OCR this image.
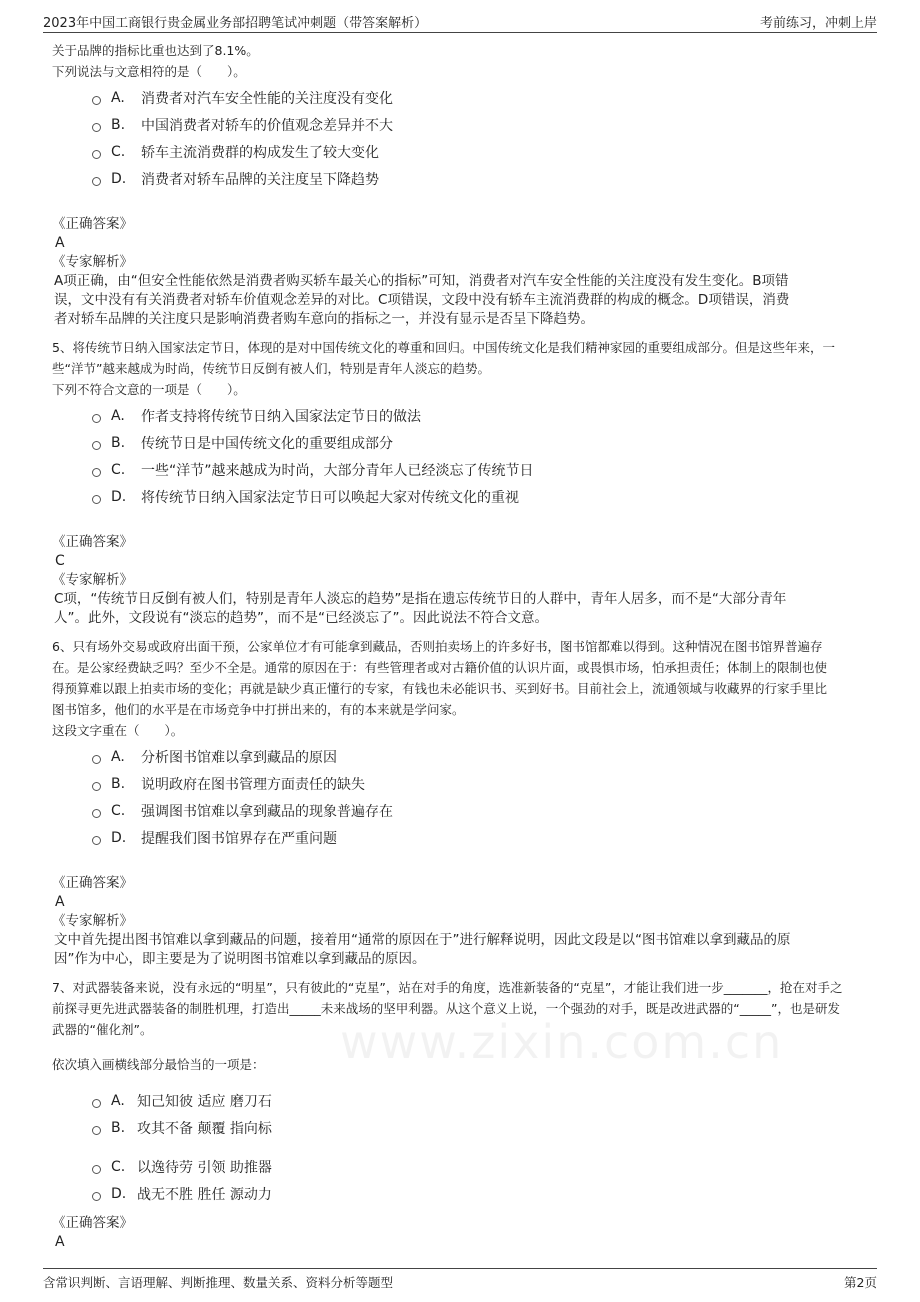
2023年中国工商银行贵金属业务部招聘笔试冲刺题（带答案解析）	考前练习，冲刺上岸
www.zixin.com.cn
关于品牌的指标比重也达到了8.1%。
下列说法与文意相符的是（　　）。
A.	消费者对汽车安全性能的关注度没有变化
B.	中国消费者对轿车的价值观念差异并不大
C.	轿车主流消费群的构成发生了较大变化
D.	消费者对轿车品牌的关注度呈下降趋势
《正确答案》
A
《专家解析》
A项正确，由“但安全性能依然是消费者购买轿车最关心的指标”可知，消费者对汽车安全性能的关注度没有发生变化。B项错
误，文中没有有关消费者对轿车价值观念差异的对比。C项错误，文段中没有轿车主流消费群的构成的概念。D项错误，消费
者对轿车品牌的关注度只是影响消费者购车意向的指标之一，并没有显示是否呈下降趋势。
5、将传统节日纳入国家法定节日，体现的是对中国传统文化的尊重和回归。中国传统文化是我们精神家园的重要组成部分。但是这些年来，一
些“洋节”越来越成为时尚，传统节日反倒有被人们，特别是青年人淡忘的趋势。
下列不符合文意的一项是（　　）。
A.	作者支持将传统节日纳入国家法定节日的做法
B.	传统节日是中国传统文化的重要组成部分
C.	一些“洋节”越来越成为时尚，大部分青年人已经淡忘了传统节日
D.	将传统节日纳入国家法定节日可以唤起大家对传统文化的重视
《正确答案》
C
《专家解析》
C项，“传统节日反倒有被人们，特别是青年人淡忘的趋势”是指在遗忘传统节日的人群中，青年人居多，而不是“大部分青年
人”。此外，文段说有“淡忘的趋势”，而不是“已经淡忘了”。因此说法不符合文意。
6、只有场外交易或政府出面干预，公家单位才有可能拿到藏品，否则拍卖场上的许多好书，图书馆都难以得到。这种情况在图书馆界普遍存
在。是公家经费缺乏吗？至少不全是。通常的原因在于：有些管理者或对古籍价值的认识片面，或畏惧市场，怕承担责任；体制上的限制也使
得预算难以跟上拍卖市场的变化；再就是缺少真正懂行的专家，有钱也未必能识书、买到好书。目前社会上，流通领域与收藏界的行家手里比
图书馆多，他们的水平是在市场竞争中打拼出来的，有的本来就是学问家。
这段文字重在（　　）。
A.	分析图书馆难以拿到藏品的原因
B.	说明政府在图书管理方面责任的缺失
C.	强调图书馆难以拿到藏品的现象普遍存在
D.	提醒我们图书馆界存在严重问题
《正确答案》
A
《专家解析》
文中首先提出图书馆难以拿到藏品的问题，接着用“通常的原因在于”进行解释说明，因此文段是以“图书馆难以拿到藏品的原
因”作为中心，即主要是为了说明图书馆难以拿到藏品的原因。
7、对武器装备来说，没有永远的“明星”，只有彼此的“克星”，站在对手的角度，选准新装备的“克星”，才能让我们进一步_______，抢在对手之
前探寻更先进武器装备的制胜机理，打造出_____未来战场的坚甲利器。从这个意义上说，一个强劲的对手，既是改进武器的“_____”，也是研发
武器的“催化剂”。
依次填入画横线部分最恰当的一项是：
A. 知己知彼 适应 磨刀石
B. 攻其不备 颠覆 指向标
C. 以逸待劳 引领 助推器
D. 战无不胜 胜任 源动力
《正确答案》
A
含常识判断、言语理解、判断推理、数量关系、资料分析等题型	第2页
